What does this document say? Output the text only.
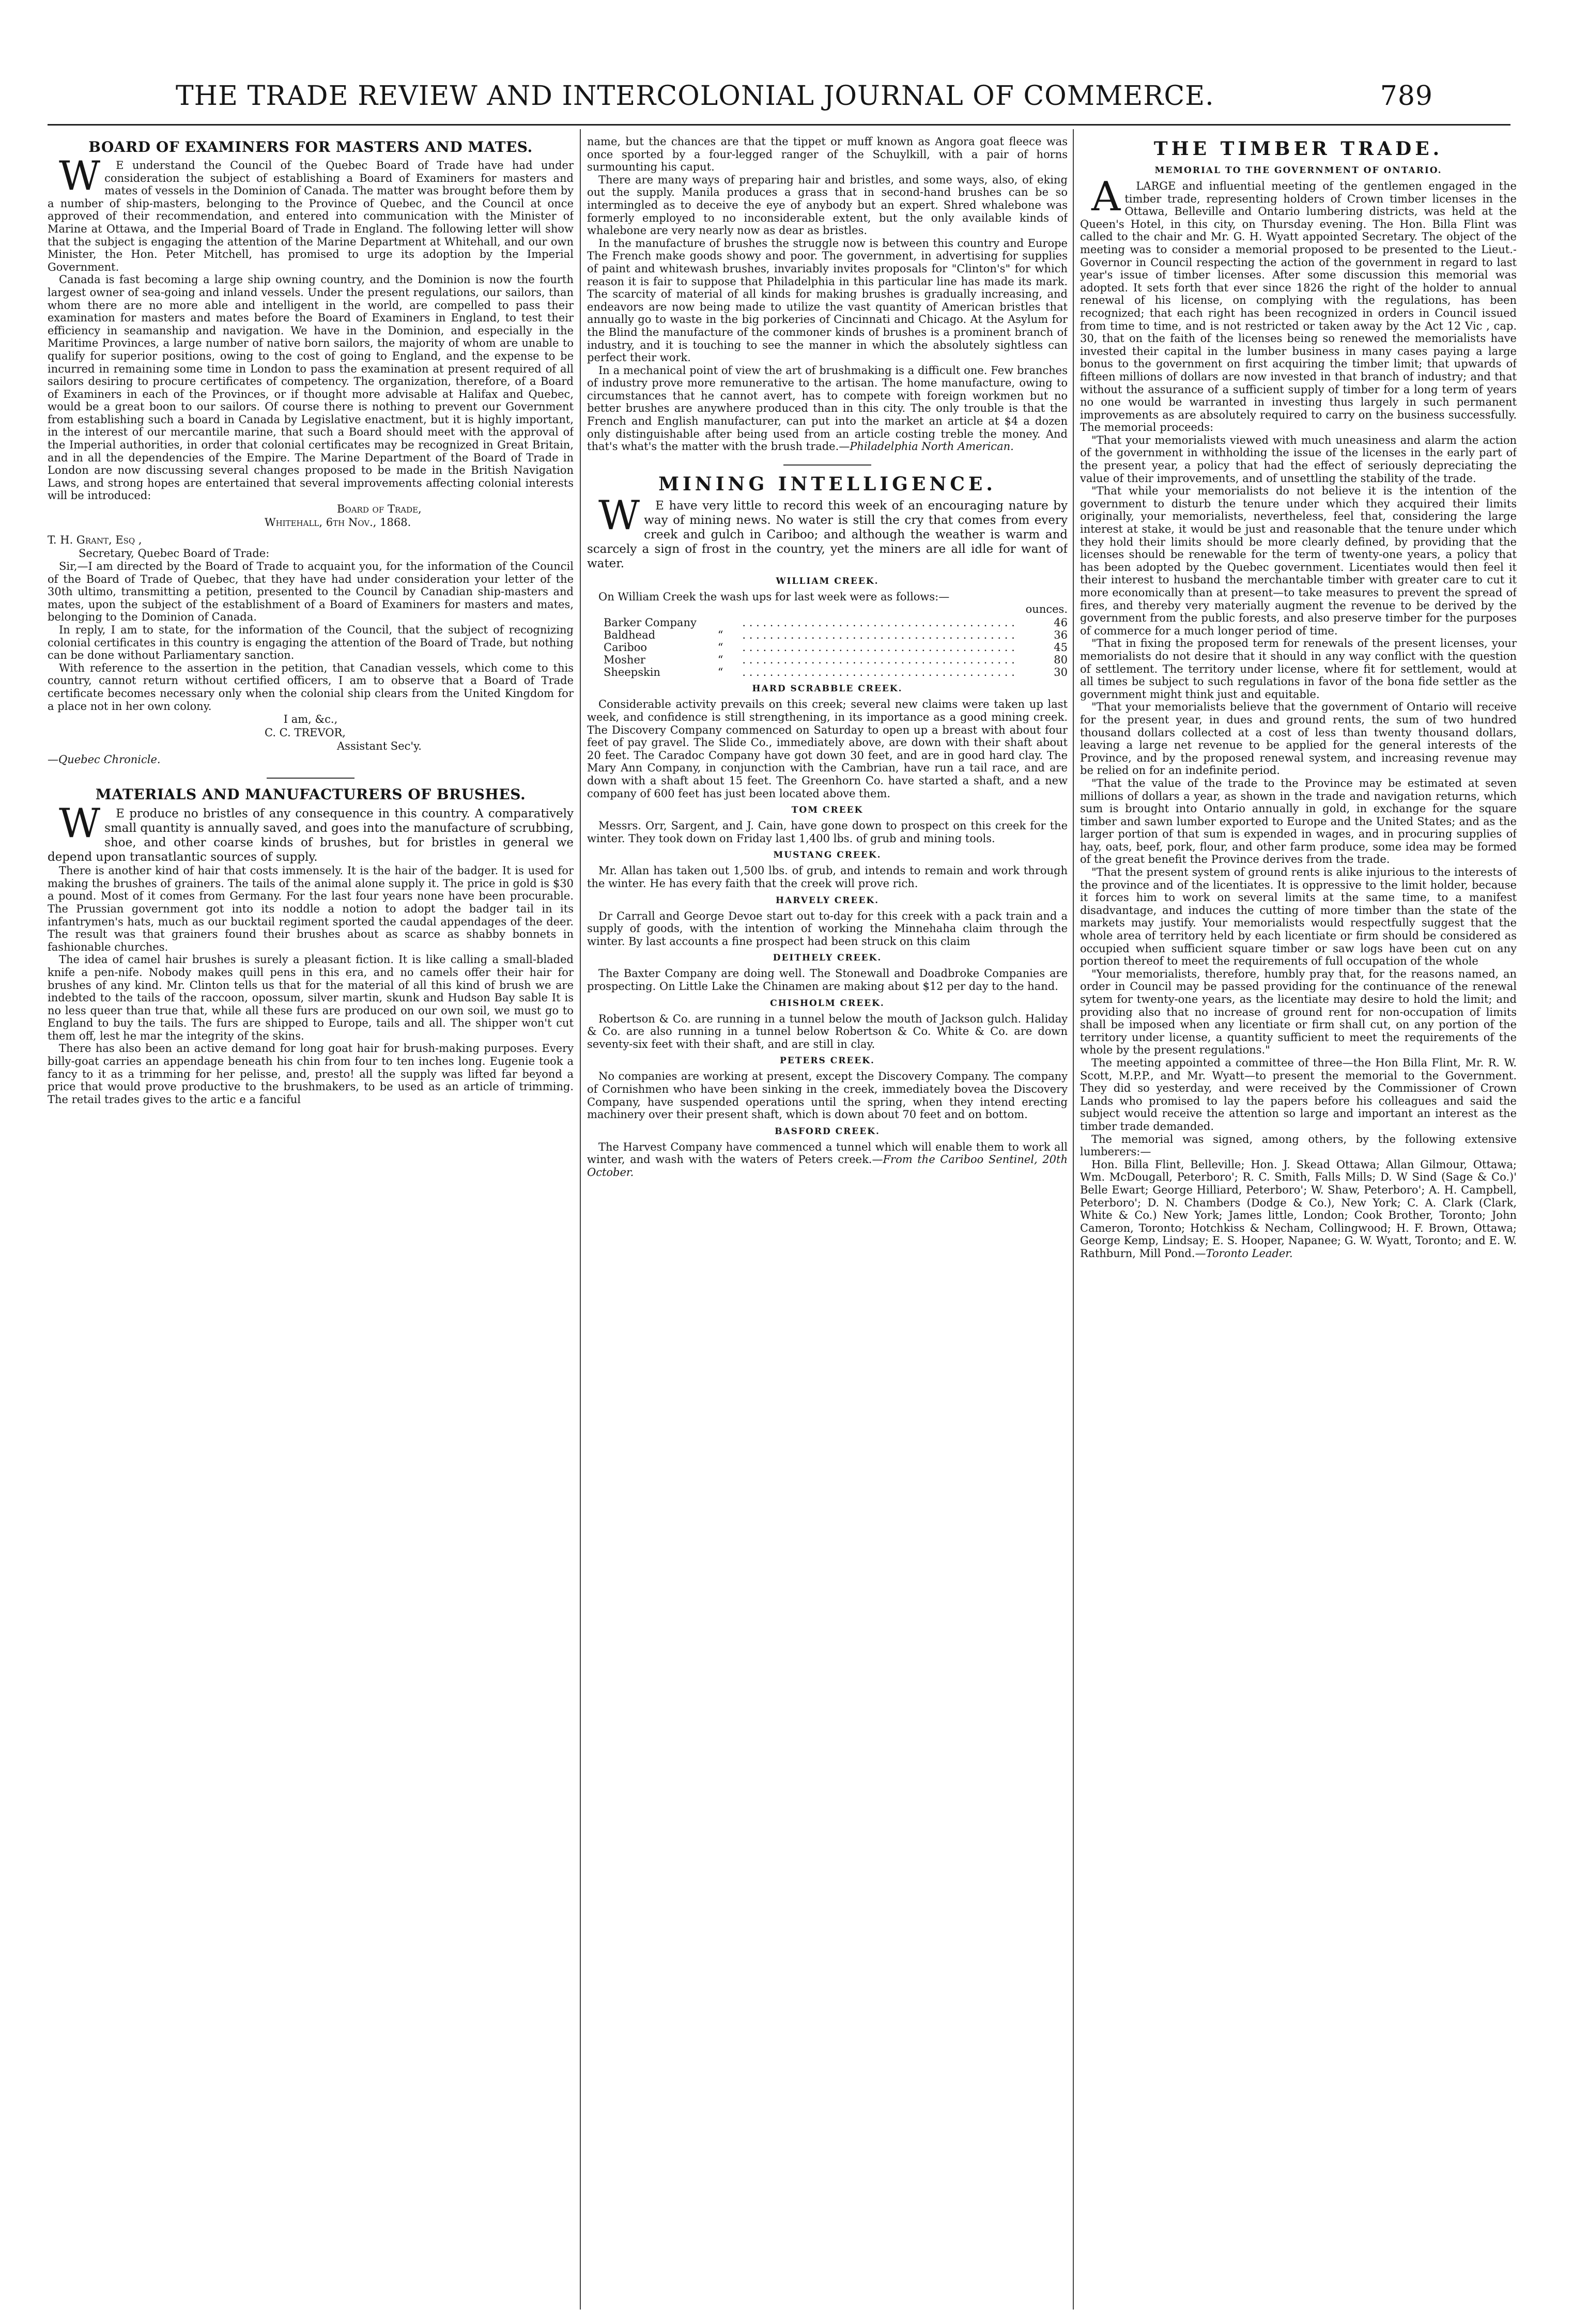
THE TRADE REVIEW AND INTERCOLONIAL JOURNAL OF COMMERCE.	789
BOARD OF EXAMINERS FOR MASTERS AND MATES.

WE understand the Council of the Quebec Board of Trade have had under consideration the subject of establishing a Board of Examiners for masters and mates of vessels in the Dominion of Canada. The matter was brought before them by a number of ship-masters, belonging to the Province of Quebec, and the Council at once approved of their recommendation, and entered into communication with the Minister of Marine at Ottawa, and the Imperial Board of Trade in England. The following letter will show that the subject is engaging the attention of the Marine Department at Whitehall, and our own Minister, the Hon. Peter Mitchell, has promised to urge its adoption by the Imperial Government.

Canada is fast becoming a large ship owning country, and the Dominion is now the fourth largest owner of sea-going and inland vessels. Under the present regulations, our sailors, than whom there are no more able and intelligent in the world, are compelled to pass their examination for masters and mates before the Board of Examiners in England, to test their efficiency in seamanship and navigation. We have in the Dominion, and especially in the Maritime Provinces, a large number of native born sailors, the majority of whom are unable to qualify for superior positions, owing to the cost of going to England, and the expense to be incurred in remaining some time in London to pass the examination at present required of all sailors desiring to procure certificates of competency. The organization, therefore, of a Board of Examiners in each of the Provinces, or if thought more advisable at Halifax and Quebec, would be a great boon to our sailors. Of course there is nothing to prevent our Government from establishing such a board in Canada by Legislative enactment, but it is highly important, in the interest of our mercantile marine, that such a Board should meet with the approval of the Imperial authorities, in order that colonial certificates may be recognized in Great Britain, and in all the dependencies of the Empire. The Marine Department of the Board of Trade in London are now discussing several changes proposed to be made in the British Navigation Laws, and strong hopes are entertained that several improvements affecting colonial interests will be introduced:

Board of Trade,

Whitehall, 6th Nov., 1868.

T. H. Grant, Esq ,

Secretary, Quebec Board of Trade:

Sir,—I am directed by the Board of Trade to acquaint you, for the information of the Council of the Board of Trade of Quebec, that they have had under consideration your letter of the 30th ultimo, transmitting a petition, presented to the Council by Canadian ship-masters and mates, upon the subject of the establishment of a Board of Examiners for masters and mates, belonging to the Dominion of Canada.

In reply, I am to state, for the information of the Council, that the subject of recognizing colonial certificates in this country is engaging the attention of the Board of Trade, but nothing can be done without Parliamentary sanction.

With reference to the assertion in the petition, that Canadian vessels, which come to this country, cannot return without certified officers, I am to observe that a Board of Trade certificate becomes necessary only when the colonial ship clears from the United Kingdom for a place not in her own colony.

I am, &c.,

C. C. TREVOR,

Assistant Sec'y.

—Quebec Chronicle.

MATERIALS AND MANUFACTURERS OF BRUSHES.

WE produce no bristles of any consequence in this country. A comparatively small quantity is annually saved, and goes into the manufacture of scrubbing, shoe, and other coarse kinds of brushes, but for bristles in general we depend upon transatlantic sources of supply.

There is another kind of hair that costs immensely. It is the hair of the badger. It is used for making the brushes of grainers. The tails of the animal alone supply it. The price in gold is $30 a pound. Most of it comes from Germany. For the last four years none have been procurable. The Prussian government got into its noddle a notion to adopt the badger tail in its infantrymen's hats, much as our bucktail regiment sported the caudal appendages of the deer. The result was that grainers found their brushes about as scarce as shabby bonnets in fashionable churches.

The idea of camel hair brushes is surely a pleasant fiction. It is like calling a small-bladed knife a pen-nife. Nobody makes quill pens in this era, and no camels offer their hair for brushes of any kind. Mr. Clinton tells us that for the material of all this kind of brush we are indebted to the tails of the raccoon, opossum, silver martin, skunk and Hudson Bay sable It is no less queer than true that, while all these furs are produced on our own soil, we must go to England to buy the tails. The furs are shipped to Europe, tails and all. The shipper won't cut them off, lest he mar the integrity of the skins.

There has also been an active demand for long goat hair for brush-making purposes. Every billy-goat carries an appendage beneath his chin from four to ten inches long. Eugenie took a fancy to it as a trimming for her pelisse, and, presto! all the supply was lifted far beyond a price that would prove productive to the brushmakers, to be used as an article of trimming. The retail trades gives to the artic e a fanciful

name, but the chances are that the tippet or muff known as Angora goat fleece was once sported by a four-legged ranger of the Schuylkill, with a pair of horns surmounting his caput.

There are many ways of preparing hair and bristles, and some ways, also, of eking out the supply. Manila produces a grass that in second-hand brushes can be so intermingled as to deceive the eye of anybody but an expert. Shred whalebone was formerly employed to no inconsiderable extent, but the only available kinds of whalebone are very nearly now as dear as bristles.

In the manufacture of brushes the struggle now is between this country and Europe The French make goods showy and poor. The government, in advertising for supplies of paint and whitewash brushes, invariably invites proposals for "Clinton's" for which reason it is fair to suppose that Philadelphia in this particular line has made its mark. The scarcity of material of all kinds for making brushes is gradually increasing, and endeavors are now being made to utilize the vast quantity of American bristles that annually go to waste in the big porkeries of Cincinnati and Chicago. At the Asylum for the Blind the manufacture of the commoner kinds of brushes is a prominent branch of industry, and it is touching to see the manner in which the absolutely sightless can perfect their work.

In a mechanical point of view the art of brushmaking is a difficult one. Few branches of industry prove more remunerative to the artisan. The home manufacture, owing to circumstances that he cannot avert, has to compete with foreign workmen but no better brushes are anywhere produced than in this city. The only trouble is that the French and English manufacturer, can put into the market an article at $4 a dozen only distinguishable after being used from an article costing treble the money. And that's what's the matter with the brush trade.—Philadelphia North American.

MINING INTELLIGENCE.

WE have very little to record this week of an encouraging nature by way of mining news. No water is still the cry that comes from every creek and gulch in Cariboo; and although the weather is warm and scarcely a sign of frost in the country, yet the miners are all idle for want of water.

WILLIAM CREEK.

On William Creek the wash ups for last week were as follows:—

ounces.
Barker Company		. . . . . . . . . . . . . . . . . . . . . . . . . . . . . . . . . . . . . . . .	46
Baldhead	“	. . . . . . . . . . . . . . . . . . . . . . . . . . . . . . . . . . . . . . . .	36
Cariboo	“	. . . . . . . . . . . . . . . . . . . . . . . . . . . . . . . . . . . . . . . .	45
Mosher	“	. . . . . . . . . . . . . . . . . . . . . . . . . . . . . . . . . . . . . . . .	80
Sheepskin	“	. . . . . . . . . . . . . . . . . . . . . . . . . . . . . . . . . . . . . . . .	30
HARD SCRABBLE CREEK.

Considerable activity prevails on this creek; several new claims were taken up last week, and confidence is still strengthening, in its importance as a good mining creek. The Discovery Company commenced on Saturday to open up a breast with about four feet of pay gravel. The Slide Co., immediately above, are down with their shaft about 20 feet. The Caradoc Company have got down 30 feet, and are in good hard clay. The Mary Ann Company, in conjunction with the Cambrian, have run a tail race, and are down with a shaft about 15 feet. The Greenhorn Co. have started a shaft, and a new company of 600 feet has just been located above them.

TOM CREEK

Messrs. Orr, Sargent, and J. Cain, have gone down to prospect on this creek for the winter. They took down on Friday last 1,400 lbs. of grub and mining tools.

MUSTANG CREEK.

Mr. Allan has taken out 1,500 lbs. of grub, and intends to remain and work through the winter. He has every faith that the creek will prove rich.

HARVELY CREEK.

Dr Carrall and George Devoe start out to-day for this creek with a pack train and a supply of goods, with the intention of working the Minnehaha claim through the winter. By last accounts a fine prospect had been struck on this claim

DEITHELY CREEK.

The Baxter Company are doing well. The Stonewall and Doadbroke Companies are prospecting. On Little Lake the Chinamen are making about $12 per day to the hand.

CHISHOLM CREEK.

Robertson & Co. are running in a tunnel below the mouth of Jackson gulch. Haliday & Co. are also running in a tunnel below Robertson & Co. White & Co. are down seventy-six feet with their shaft, and are still in clay.

PETERS CREEK.

No companies are working at present, except the Discovery Company. The company of Cornishmen who have been sinking in the creek, immediately bovea the Discovery Company, have suspended operations until the spring, when they intend erecting machinery over their present shaft, which is down about 70 feet and on bottom.

BASFORD CREEK.

The Harvest Company have commenced a tunnel which will enable them to work all winter, and wash with the waters of Peters creek.—From the Cariboo Sentinel, 20th October.

THE TIMBER TRADE.
MEMORIAL TO THE GOVERNMENT OF ONTARIO.

ALARGE and influential meeting of the gentlemen engaged in the timber trade, representing holders of Crown timber licenses in the Ottawa, Belleville and Ontario lumbering districts, was held at the Queen's Hotel, in this city, on Thursday evening. The Hon. Billa Flint was called to the chair and Mr. G. H. Wyatt appointed Secretary. The object of the meeting was to consider a memorial proposed to be presented to the Lieut.-Governor in Council respecting the action of the government in regard to last year's issue of timber licenses. After some discussion this memorial was adopted. It sets forth that ever since 1826 the right of the holder to annual renewal of his license, on complying with the regulations, has been recognized; that each right has been recognized in orders in Council issued from time to time, and is not restricted or taken away by the Act 12 Vic , cap. 30, that on the faith of the licenses being so renewed the memorialists have invested their capital in the lumber business in many cases paying a large bonus to the government on first acquiring the timber limit; that upwards of fifteen millions of dollars are now invested in that branch of industry; and that without the assurance of a sufficient supply of timber for a long term of years no one would be warranted in investing thus largely in such permanent improvements as are absolutely required to carry on the business successfully. The memorial proceeds:

"That your memorialists viewed with much uneasiness and alarm the action of the government in withholding the issue of the licenses in the early part of the present year, a policy that had the effect of seriously depreciating the value of their improvements, and of unsettling the stability of the trade.

"That while your memorialists do not believe it is the intention of the government to disturb the tenure under which they acquired their limits originally, your memorialists, nevertheless, feel that, considering the large interest at stake, it would be just and reasonable that the tenure under which they hold their limits should be more clearly defined, by providing that the licenses should be renewable for the term of twenty-one years, a policy that has been adopted by the Quebec government. Licentiates would then feel it their interest to husband the merchantable timber with greater care to cut it more economically than at present—to take measures to prevent the spread of fires, and thereby very materially augment the revenue to be derived by the government from the public forests, and also preserve timber for the purposes of commerce for a much longer period of time.

"That in fixing the proposed term for renewals of the present licenses, your memorialists do not desire that it should in any way conflict with the question of settlement. The territory under license, where fit for settlement, would at all times be subject to such regulations in favor of the bona fide settler as the government might think just and equitable.

"That your memorialists believe that the government of Ontario will receive for the present year, in dues and ground rents, the sum of two hundred thousand dollars collected at a cost of less than twenty thousand dollars, leaving a large net revenue to be applied for the general interests of the Province, and by the proposed renewal system, and increasing revenue may be relied on for an indefinite period.

"That the value of the trade to the Province may be estimated at seven millions of dollars a year, as shown in the trade and navigation returns, which sum is brought into Ontario annually in gold, in exchange for the square timber and sawn lumber exported to Europe and the United States; and as the larger portion of that sum is expended in wages, and in procuring supplies of hay, oats, beef, pork, flour, and other farm produce, some idea may be formed of the great benefit the Province derives from the trade.

"That the present system of ground rents is alike injurious to the interests of the province and of the licentiates. It is oppressive to the limit holder, because it forces him to work on several limits at the same time, to a manifest disadvantage, and induces the cutting of more timber than the state of the markets may justify. Your memorialists would respectfully suggest that the whole area of territory held by each licentiate or firm should be considered as occupied when sufficient square timber or saw logs have been cut on any portion thereof to meet the requirements of full occupation of the whole

"Your memorialists, therefore, humbly pray that, for the reasons named, an order in Council may be passed providing for the continuance of the renewal sytem for twenty-one years, as the licentiate may desire to hold the limit; and providing also that no increase of ground rent for non-occupation of limits shall be imposed when any licentiate or firm shall cut, on any portion of the territory under license, a quantity sufficient to meet the requirements of the whole by the present regulations."

The meeting appointed a committee of three—the Hon Billa Flint, Mr. R. W. Scott, M.P.P., and Mr. Wyatt—to present the memorial to the Government. They did so yesterday, and were received by the Commissioner of Crown Lands who promised to lay the papers before his colleagues and said the subject would receive the attention so large and important an interest as the timber trade demanded.

The memorial was signed, among others, by the following extensive lumberers:—

Hon. Billa Flint, Belleville; Hon. J. Skead Ottawa; Allan Gilmour, Ottawa; Wm. McDougall, Peterboro'; R. C. Smith, Falls Mills; D. W Sind (Sage & Co.)' Belle Ewart; George Hilliard, Peterboro'; W. Shaw, Peterboro'; A. H. Campbell, Peterboro'; D. N. Chambers (Dodge & Co.), New York; C. A. Clark (Clark, White & Co.) New York; James little, London; Cook Brother, Toronto; John Cameron, Toronto; Hotchkiss & Necham, Collingwood; H. F. Brown, Ottawa; George Kemp, Lindsay; E. S. Hooper, Napanee; G. W. Wyatt, Toronto; and E. W. Rathburn, Mill Pond.—Toronto Leader.
